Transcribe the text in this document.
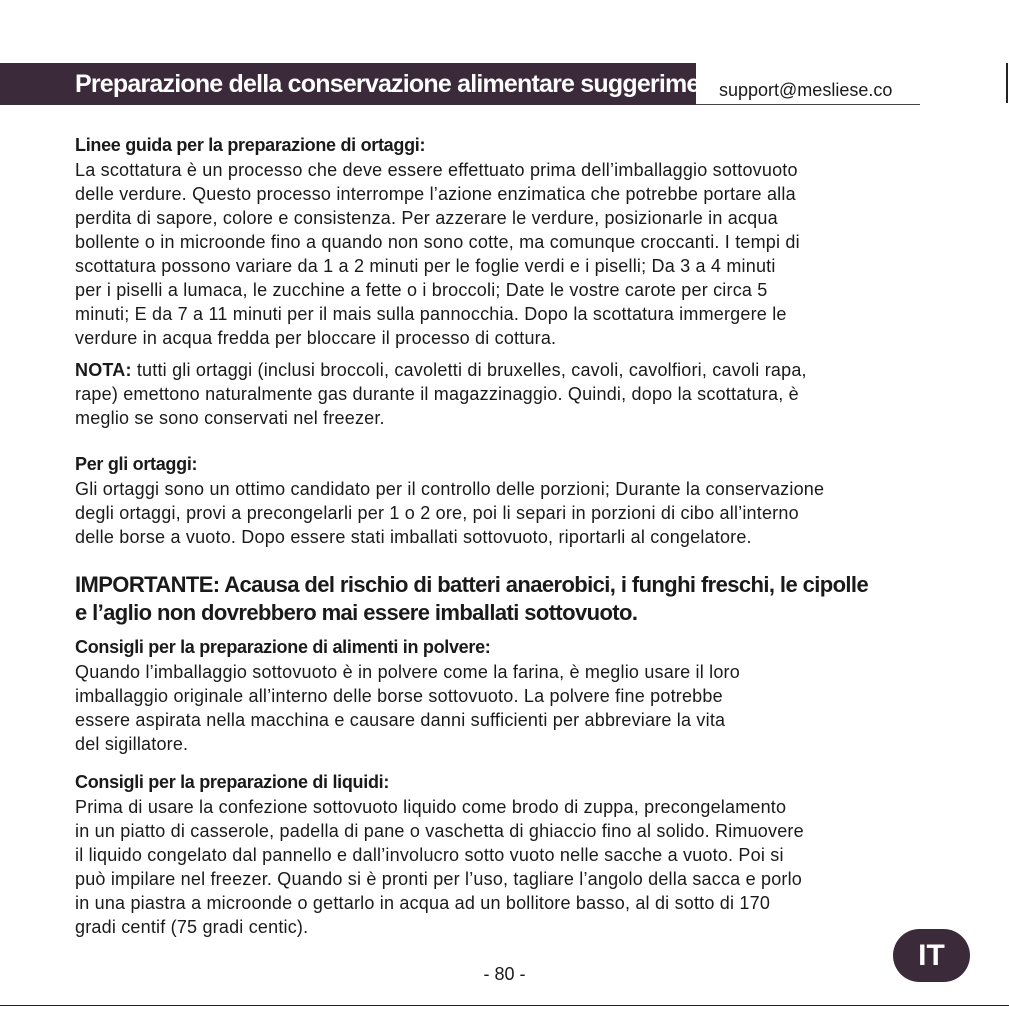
Preparazione della conservazione alimentare suggerimento
support@mesliese.co
Linee guida per la preparazione di ortaggi:

La scottatura è un processo che deve essere effettuato prima dell’imballaggio sottovuoto

delle verdure. Questo processo interrompe l’azione enzimatica che potrebbe portare alla

perdita di sapore, colore e consistenza. Per azzerare le verdure, posizionarle in acqua

bollente o in microonde fino a quando non sono cotte, ma comunque croccanti. I tempi di

scottatura possono variare da 1 a 2 minuti per le foglie verdi e i piselli; Da 3 a 4 minuti

per i piselli a lumaca, le zucchine a fette o i broccoli; Date le vostre carote per circa 5

minuti; E da 7 a 11 minuti per il mais sulla pannocchia. Dopo la scottatura immergere le

verdure in acqua fredda per bloccare il processo di cottura.

NOTA: tutti gli ortaggi (inclusi broccoli, cavoletti di bruxelles, cavoli, cavolfiori, cavoli rapa,

rape) emettono naturalmente gas durante il magazzinaggio. Quindi, dopo la scottatura, è

meglio se sono conservati nel freezer.

Per gli ortaggi:

Gli ortaggi sono un ottimo candidato per il controllo delle porzioni; Durante la conservazione

degli ortaggi, provi a precongelarli per 1 o 2 ore, poi li separi in porzioni di cibo all’interno

delle borse a vuoto. Dopo essere stati imballati sottovuoto, riportarli al congelatore.

IMPORTANTE: Acausa del rischio di batteri anaerobici, i funghi freschi, le cipolle

e l’aglio non dovrebbero mai essere imballati sottovuoto.

Consigli per la preparazione di alimenti in polvere:

Quando l’imballaggio sottovuoto è in polvere come la farina, è meglio usare il loro

imballaggio originale all’interno delle borse sottovuoto. La polvere fine potrebbe

essere aspirata nella macchina e causare danni sufficienti per abbreviare la vita

del sigillatore.

Consigli per la preparazione di liquidi:

Prima di usare la confezione sottovuoto liquido come brodo di zuppa, precongelamento

in un piatto di casserole, padella di pane o vaschetta di ghiaccio fino al solido. Rimuovere

il liquido congelato dal pannello e dall’involucro sotto vuoto nelle sacche a vuoto. Poi si

può impilare nel freezer. Quando si è pronti per l’uso, tagliare l’angolo della sacca e porlo

in una piastra a microonde o gettarlo in acqua ad un bollitore basso, al di sotto di 170

gradi centif (75 gradi centic).

- 80 -
IT
